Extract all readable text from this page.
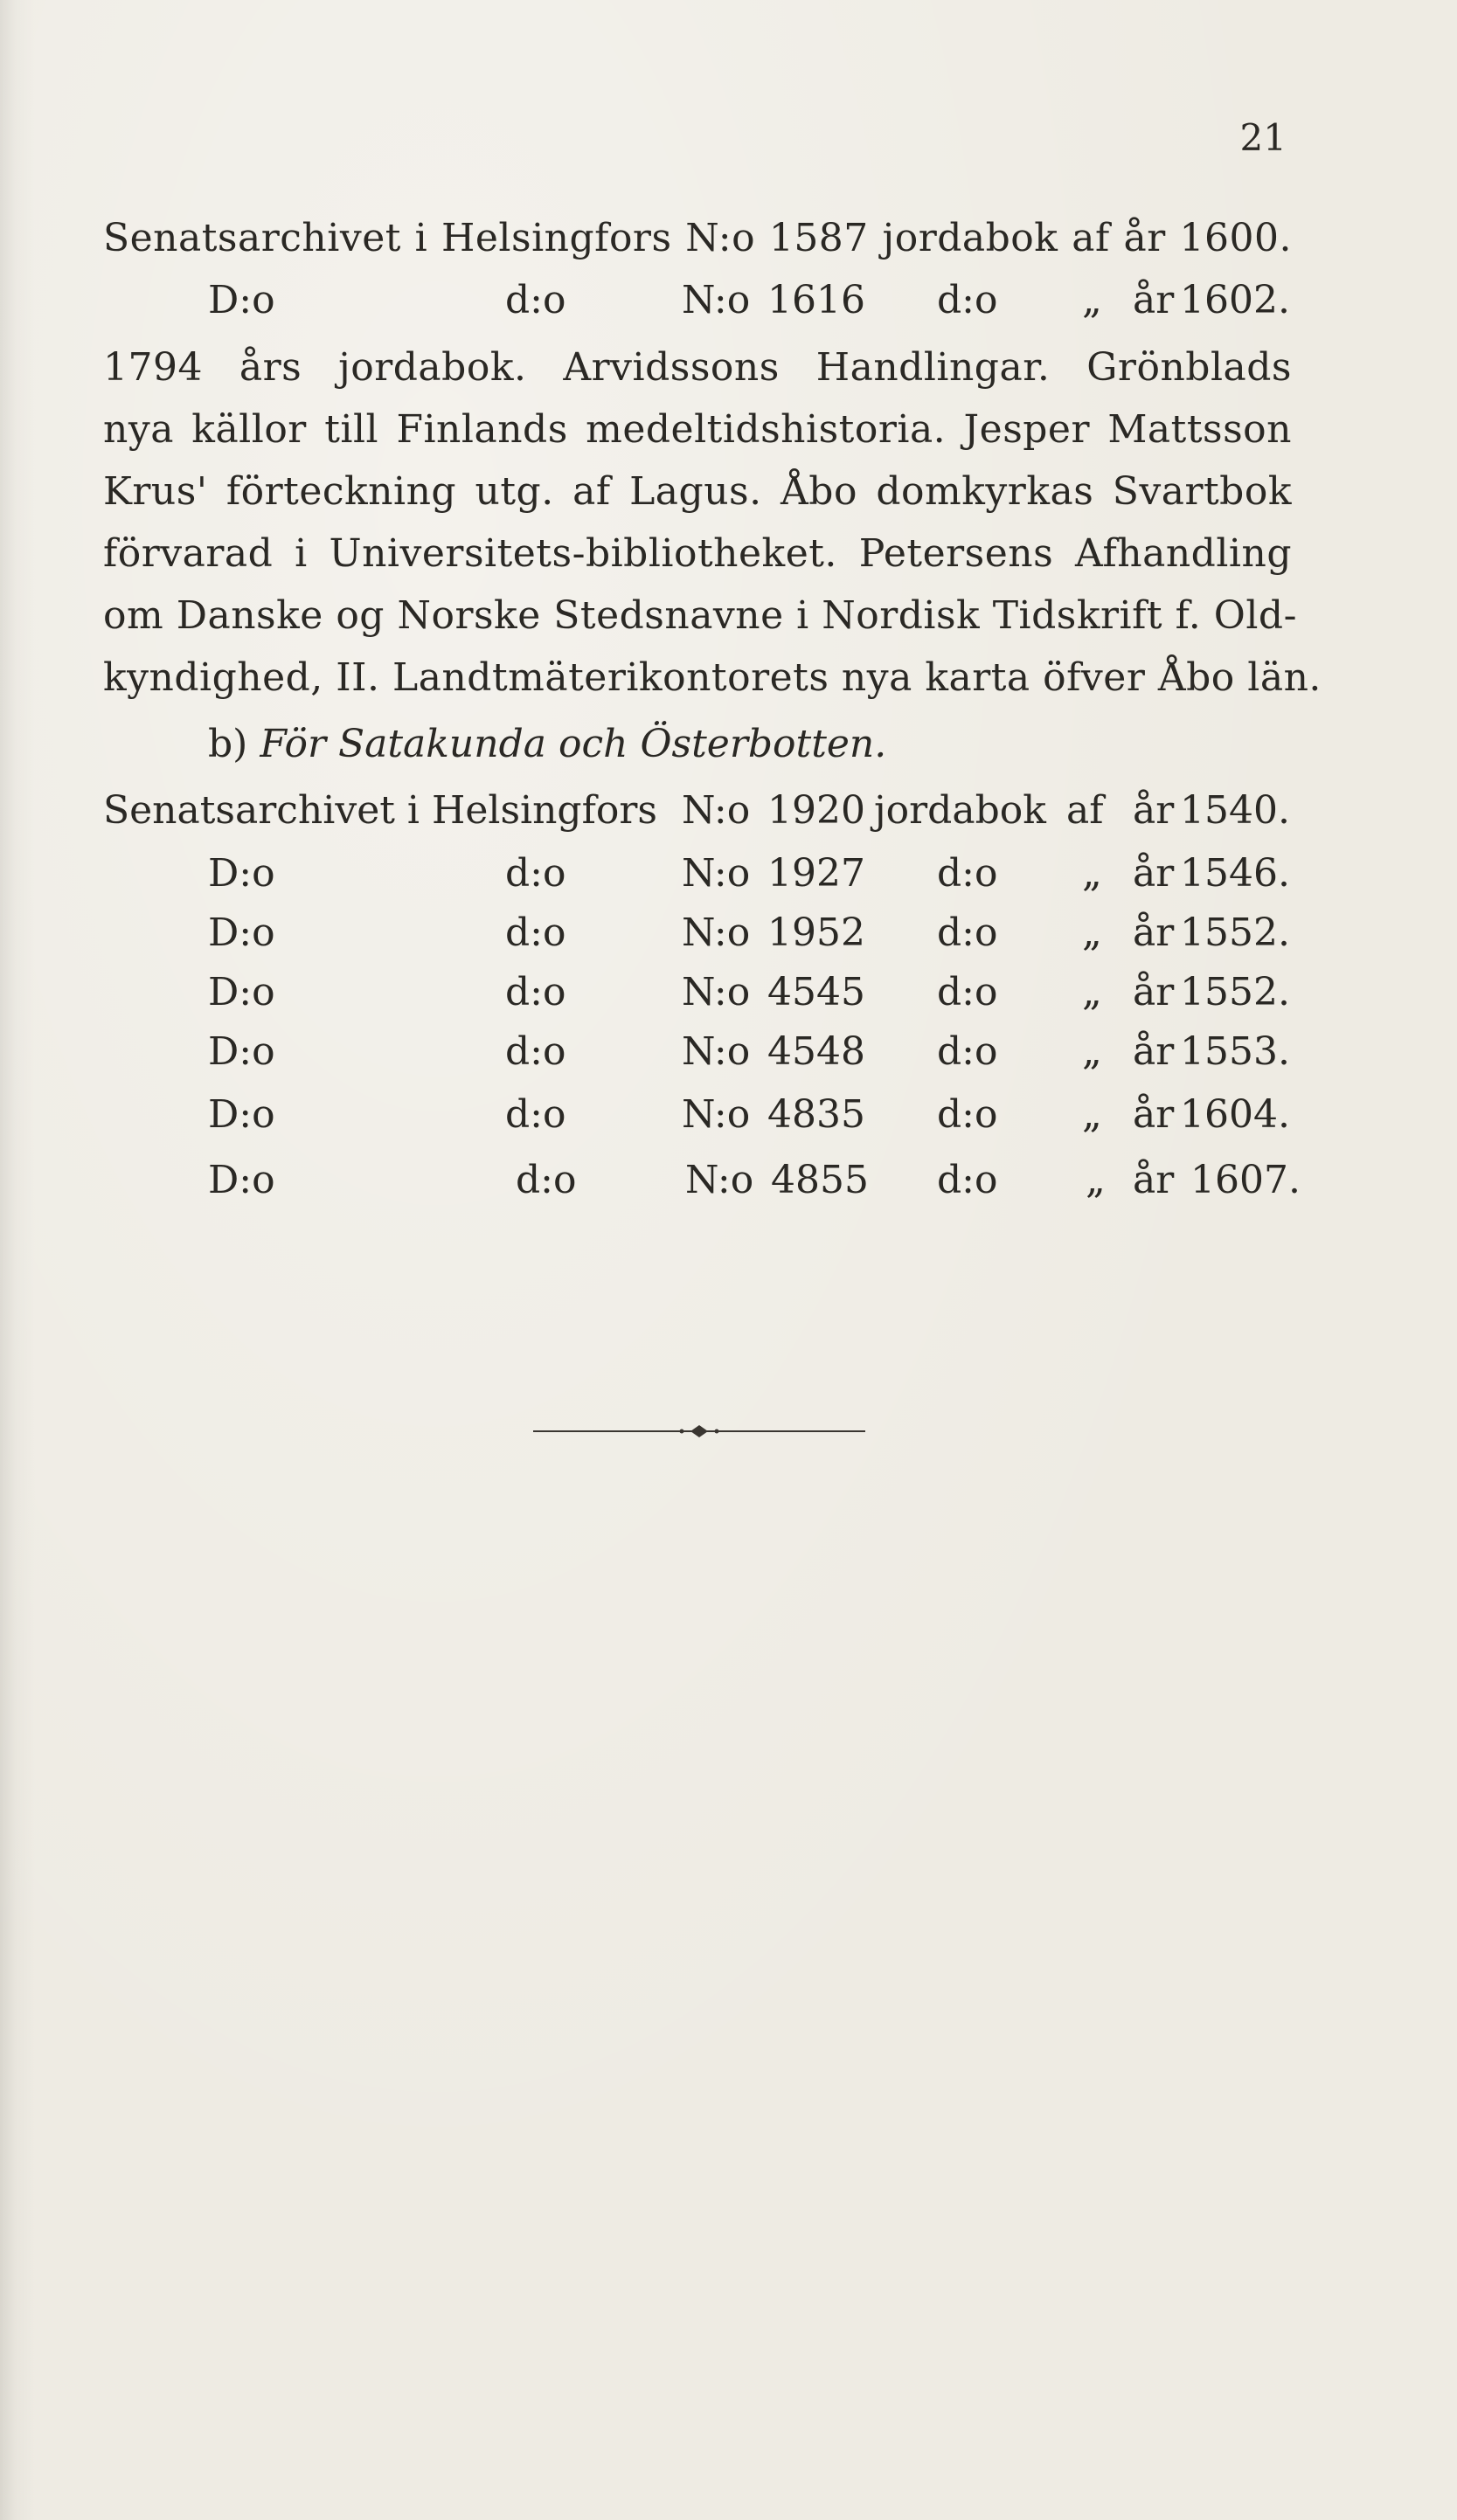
21
Senatsarchivet i Helsingfors N:o 1587 jordabok af år 1600.
D:o	d:o	N:o 1616 d:o „ år 1602.
1794 års jordabok. Arvidssons Handlingar. Grönblads
nya källor till Finlands medeltidshistoria. Jesper Mattsson
Krus' förteckning utg. af Lagus. Åbo domkyrkas Svartbok
förvarad i Universitets-bibliotheket. Petersens Afhandling
om Danske og Norske Stedsnavne i Nordisk Tidskrift f. Old-
kyndighed, II. Landtmäterikontorets nya karta öfver Åbo län.
b) För Satakunda och Österbotten.
Senatsarchivet i Helsingfors N:o 1920 jordabok af år 1540.
D:o	d:o	N:o 1927 d:o „ år 1546.
D:o	d:o	N:o 1952 d:o „ år 1552.
D:o	d:o	N:o 4545 d:o „ år 1552.
D:o	d:o	N:o 4548 d:o „ år 1553.
D:o	d:o	N:o 4835 d:o „ år 1604.
D:o	d:o	N:o 4855 d:o „ år 1607.
